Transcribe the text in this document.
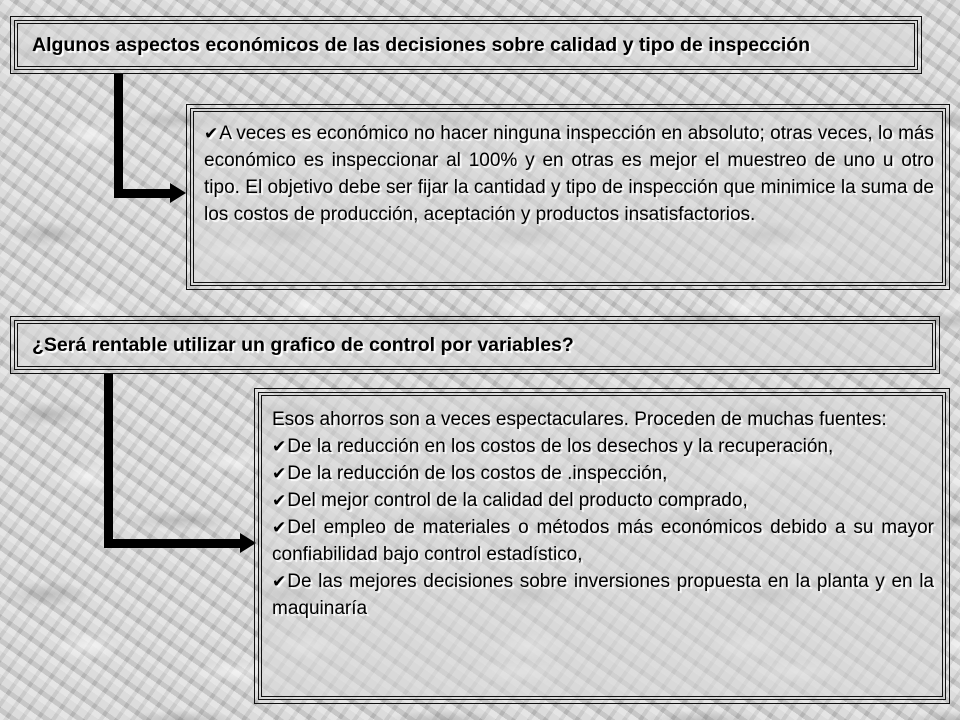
Algunos aspectos económicos de las decisiones sobre calidad y tipo de inspección
✔A veces es económico no hacer ninguna inspección en absoluto; otras veces, lo más económico es inspeccionar al 100% y en otras es mejor el muestreo de uno u otro tipo. El objetivo debe ser fijar la cantidad y tipo de inspección que minimice la suma de los costos de producción, aceptación y productos insatisfactorios.
¿Será rentable utilizar un grafico de control por variables?
Esos ahorros son a veces espectaculares. Proceden de muchas fuentes:
✔De la reducción en los costos de los desechos y la recuperación,
✔De la reducción de los costos de .inspección,
✔Del mejor control de la calidad del producto comprado,
✔Del empleo de materiales o métodos más económicos debido a su mayor confiabilidad bajo control estadístico,
✔De las mejores decisiones sobre inversiones propuesta en la planta y en la maquinaría
